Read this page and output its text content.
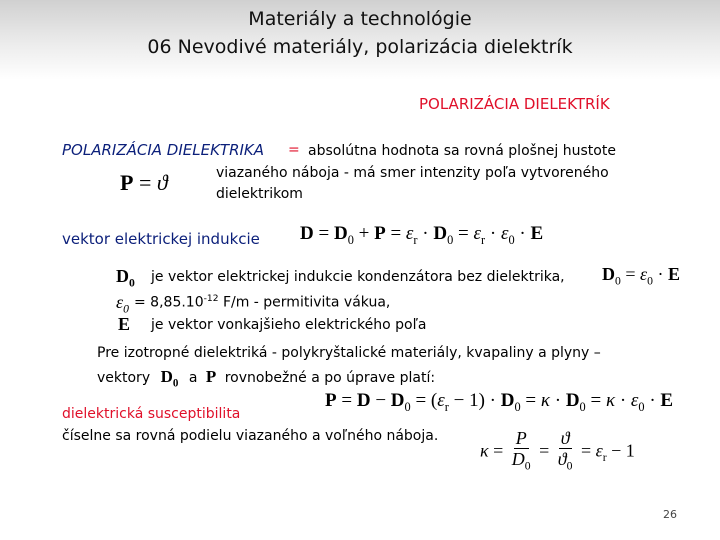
Materiály a technológie
06 Nevodivé materiály, polarizácia dielektrík
POLARIZÁCIA DIELEKTRÍK
POLARIZÁCIA DIELEKTRIKA = absolútna hodnota sa rovná plošnej hustote
viazaného náboja - má smer intenzity poľa vytvoreného
dielektrikom
P = ϑ
vektor elektrickej indukcie $D = D_0 + P = \varepsilon_r \cdot D_0 = \varepsilon_r \cdot \varepsilon_0 \cdot E$
$D_0$ je vektor elektrickej indukcie kondenzátora bez dielektrika, $D_0 = \varepsilon_0 \cdot E$
$\varepsilon_0 = 8,85.10^{-12}$ F/m - permitivita vákua,
E je vektor vonkajšieho elektrického poľa
Pre izotropné dielektriká - polykryštalické materiály, kvapaliny a plyny –
vektory $D_0$ a P rovnobežné a po úprave platí:
$P = D - D_0 = (\varepsilon_r - 1) \cdot D_0 = \kappa \cdot D_0 = \kappa \cdot \varepsilon_0 \cdot E$
dielektrická susceptibilita
číselne sa rovná podielu viazaného a voľného náboja.
$\kappa = \frac{P}{D_0} = \frac{ϑ}{ϑ_0} = \varepsilon_r - 1$
26
